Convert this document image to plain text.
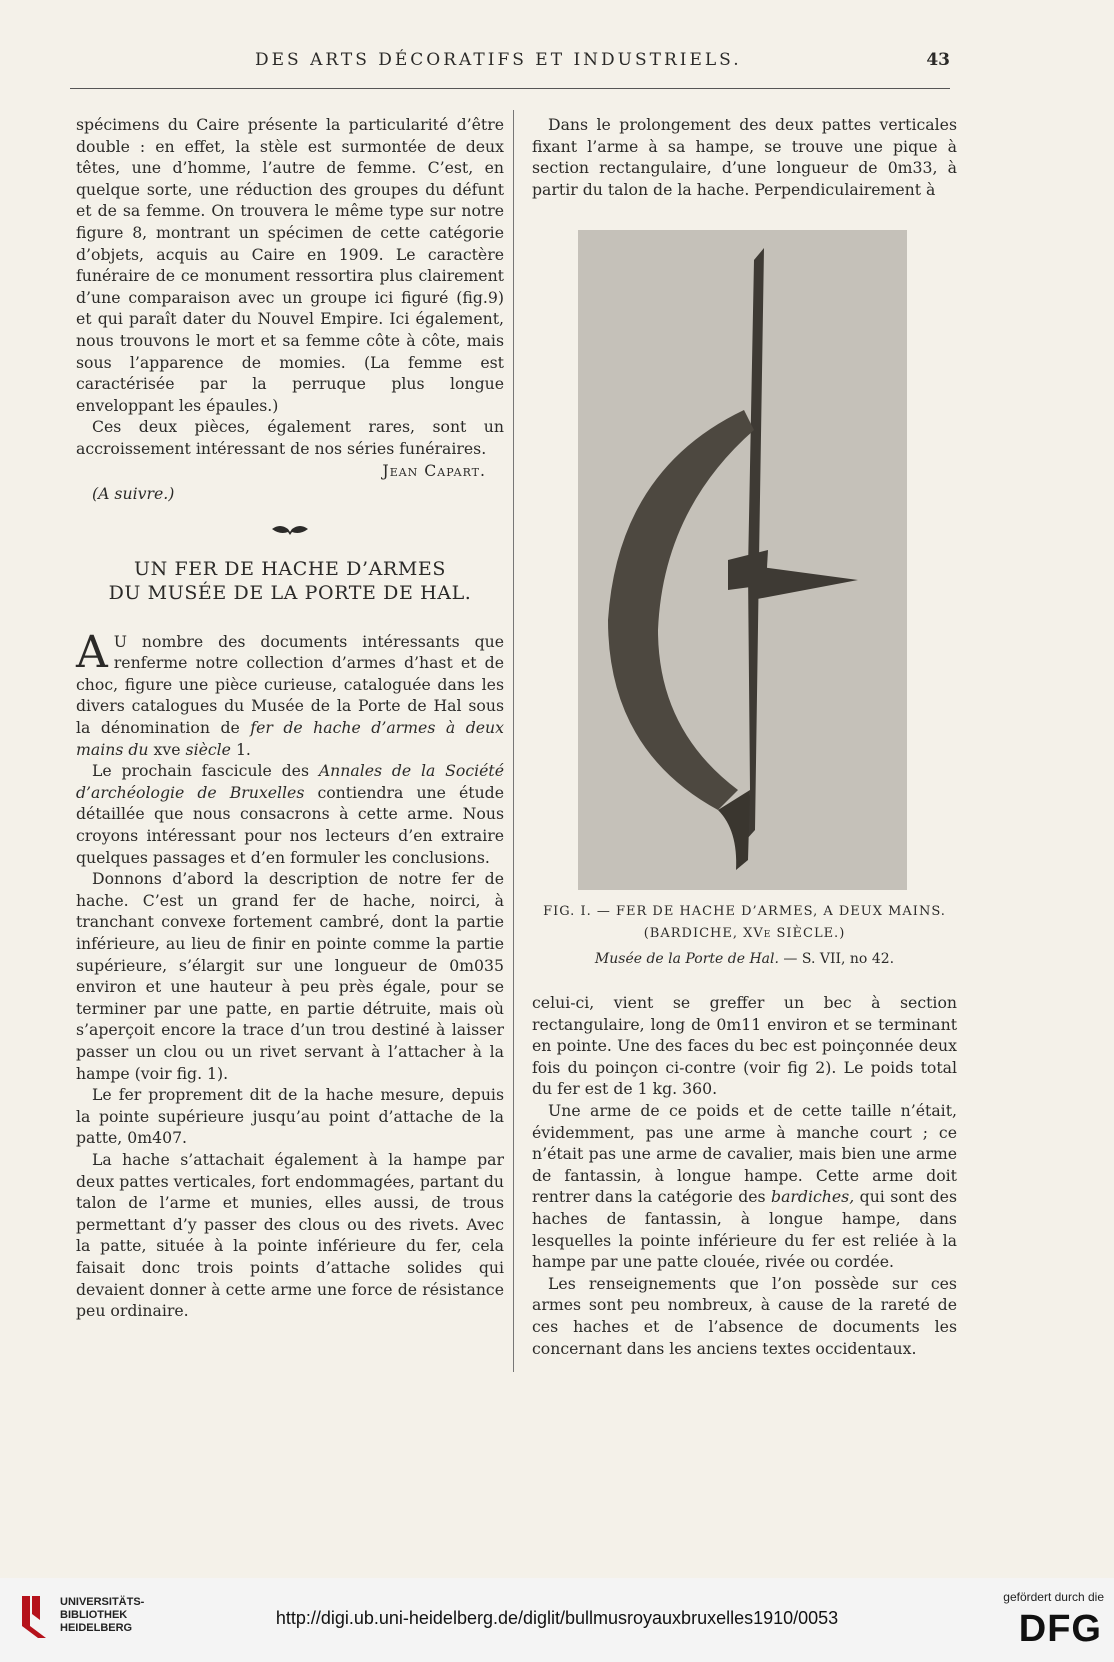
DES ARTS DÉCORATIFS ET INDUSTRIELS.	43

spécimens du Caire présente la particularité d’être double : en effet, la stèle est surmontée de deux têtes, une d’homme, l’autre de femme. C’est, en quelque sorte, une réduction des groupes du défunt et de sa femme. On trouvera le même type sur notre figure 8, montrant un spécimen de cette catégorie d’objets, acquis au Caire en 1909. Le caractère funéraire de ce monument ressortira plus clairement d’une comparaison avec un groupe ici figuré (fig.9) et qui paraît dater du Nouvel Empire. Ici également, nous trouvons le mort et sa femme côte à côte, mais sous l’apparence de momies. (La femme est caractérisée par la perruque plus longue enveloppant les épaules.)

Ces deux pièces, également rares, sont un accroissement intéressant de nos séries funéraires.

Jean Capart.
(A suivre.)
UN FER DE HACHE D’ARMES
DU MUSÉE DE LA PORTE DE HAL.

A U nombre des documents intéressants que renferme notre collection d’armes d’hast et de choc, figure une pièce curieuse, cataloguée dans les divers catalogues du Musée de la Porte de Hal sous la dénomination de fer de hache d’armes à deux mains du xve siècle 1.

Le prochain fascicule des Annales de la Société d’archéologie de Bruxelles contiendra une étude détaillée que nous consacrons à cette arme. Nous croyons intéressant pour nos lecteurs d’en extraire quelques passages et d’en formuler les conclusions.

Donnons d’abord la description de notre fer de hache. C’est un grand fer de hache, noirci, à tranchant convexe fortement cambré, dont la partie inférieure, au lieu de finir en pointe comme la partie supérieure, s’élargit sur une longueur de 0m035 environ et une hauteur à peu près égale, pour se terminer par une patte, en partie détruite, mais où s’aperçoit encore la trace d’un trou destiné à laisser passer un clou ou un rivet servant à l’attacher à la hampe (voir fig. 1).

Le fer proprement dit de la hache mesure, depuis la pointe supérieure jusqu’au point d’attache de la patte, 0m407.

La hache s’attachait également à la hampe par deux pattes verticales, fort endommagées, partant du talon de l’arme et munies, elles aussi, de trous permettant d’y passer des clous ou des rivets. Avec la patte, située à la pointe inférieure du fer, cela faisait donc trois points d’attache solides qui devaient donner à cette arme une force de résistance peu ordinaire.

Dans le prolongement des deux pattes verticales fixant l’arme à sa hampe, se trouve une pique à section rectangulaire, d’une longueur de 0m33, à partir du talon de la hache. Perpendiculairement à

FIG. I. — FER DE HACHE D’ARMES, A DEUX MAINS.
(BARDICHE, XVe SIÈCLE.)
Musée de la Porte de Hal. — S. VII, no 42.

celui-ci, vient se greffer un bec à section rectangulaire, long de 0m11 environ et se terminant en pointe. Une des faces du bec est poinçonnée deux fois du poinçon ci-contre (voir fig 2). Le poids total du fer est de 1 kg. 360.

Une arme de ce poids et de cette taille n’était, évidemment, pas une arme à manche court ; ce n’était pas une arme de cavalier, mais bien une arme de fantassin, à longue hampe. Cette arme doit rentrer dans la catégorie des bardiches, qui sont des haches de fantassin, à longue hampe, dans lesquelles la pointe inférieure du fer est reliée à la hampe par une patte clouée, rivée ou cordée.

Les renseignements que l’on possède sur ces armes sont peu nombreux, à cause de la rareté de ces haches et de l’absence de documents les concernant dans les anciens textes occidentaux.

UNIVERSITÄTS-
BIBLIOTHEK
HEIDELBERG	http://digi.ub.uni-heidelberg.de/diglit/bullmusroyauxbruxelles1910/0053
gefördert durch die
DFG
